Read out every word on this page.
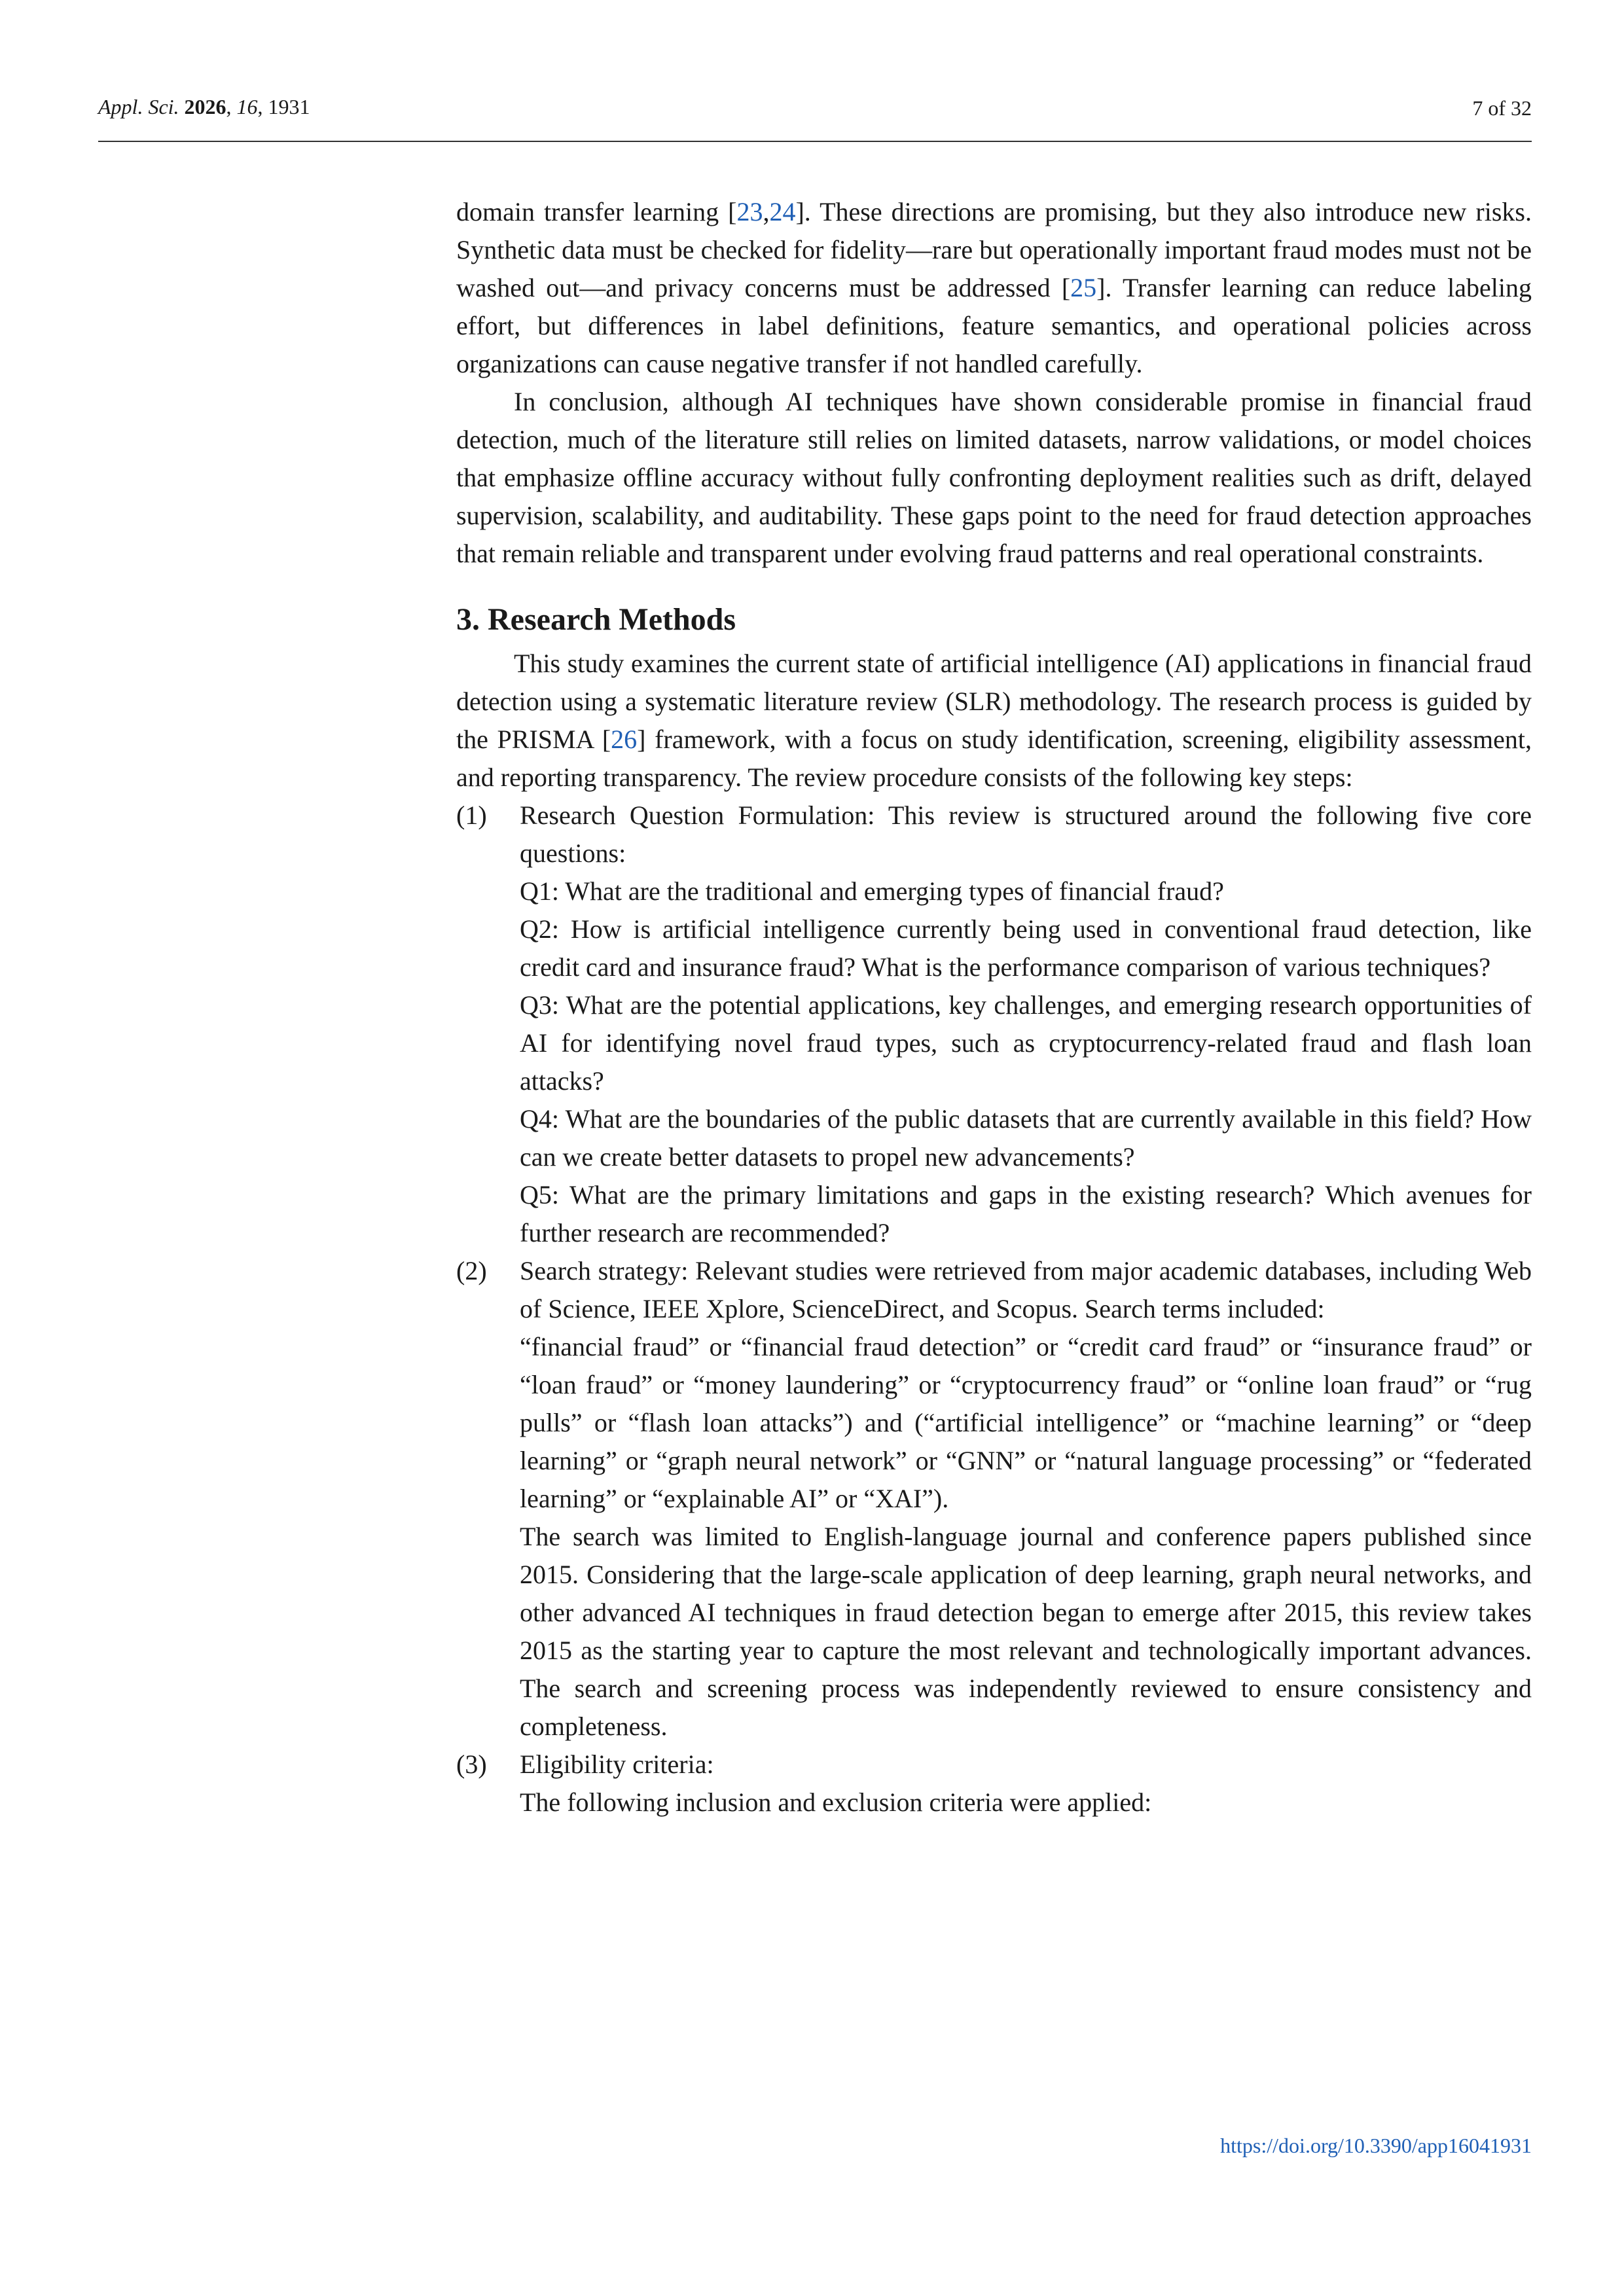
Appl. Sci. 2026, 16, 1931	7 of 32

domain transfer learning [23,24]. These directions are promising, but they also introduce new risks. Synthetic data must be checked for fidelity—rare but operationally important fraud modes must not be washed out—and privacy concerns must be addressed [25]. Transfer learning can reduce labeling effort, but differences in label definitions, feature semantics, and operational policies across organizations can cause negative transfer if not handled carefully.

In conclusion, although AI techniques have shown considerable promise in financial fraud detection, much of the literature still relies on limited datasets, narrow validations, or model choices that emphasize offline accuracy without fully confronting deployment realities such as drift, delayed supervision, scalability, and auditability. These gaps point to the need for fraud detection approaches that remain reliable and transparent under evolving fraud patterns and real operational constraints.

3. Research Methods

This study examines the current state of artificial intelligence (AI) applications in financial fraud detection using a systematic literature review (SLR) methodology. The research process is guided by the PRISMA [26] framework, with a focus on study identification, screening, eligibility assessment, and reporting transparency. The review procedure consists of the following key steps:

(1) Research Question Formulation: This review is structured around the following five core questions:

Q1: What are the traditional and emerging types of financial fraud?

Q2: How is artificial intelligence currently being used in conventional fraud detection, like credit card and insurance fraud? What is the performance comparison of various techniques?

Q3: What are the potential applications, key challenges, and emerging research opportunities of AI for identifying novel fraud types, such as cryptocurrency-related fraud and flash loan attacks?

Q4: What are the boundaries of the public datasets that are currently available in this field? How can we create better datasets to propel new advancements?

Q5: What are the primary limitations and gaps in the existing research? Which avenues for further research are recommended?

(2) Search strategy: Relevant studies were retrieved from major academic databases, including Web of Science, IEEE Xplore, ScienceDirect, and Scopus. Search terms included:

“financial fraud” or “financial fraud detection” or “credit card fraud” or “insurance fraud” or “loan fraud” or “money laundering” or “cryptocurrency fraud” or “online loan fraud” or “rug pulls” or “flash loan attacks”) and (“artificial intelligence” or “machine learning” or “deep learning” or “graph neural network” or “GNN” or “natural language processing” or “federated learning” or “explainable AI” or “XAI”).

The search was limited to English-language journal and conference papers published since 2015. Considering that the large-scale application of deep learning, graph neural networks, and other advanced AI techniques in fraud detection began to emerge after 2015, this review takes 2015 as the starting year to capture the most relevant and technologically important advances. The search and screening process was independently reviewed to ensure consistency and completeness.

(3) Eligibility criteria:

The following inclusion and exclusion criteria were applied:

https://doi.org/10.3390/app16041931
